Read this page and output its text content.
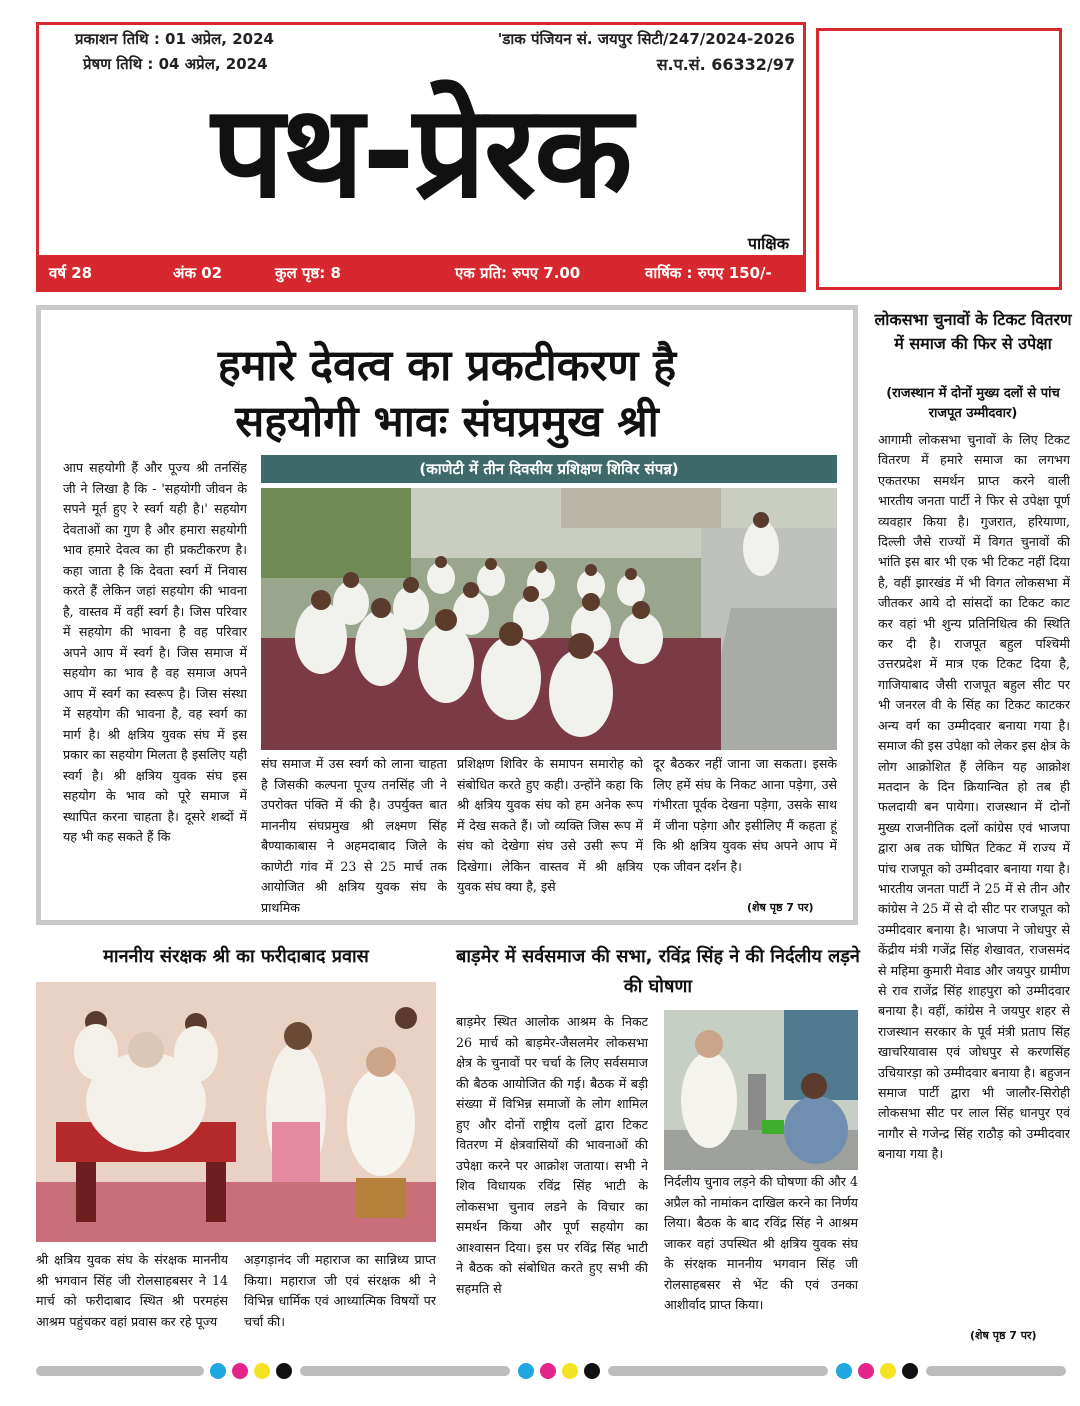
प्रकाशन तिथि : 01 अप्रेल, 2024
प्रेषण तिथि : 04 अप्रेल, 2024
'डाक पंजियन सं. जयपुर सिटी/247/2024-2026
स.प.सं. 66332/97
पथ-प्रेरक
पाक्षिक
वर्ष 28	अंक 02	कुल पृष्ठ: 8	एक प्रति: रुपए 7.00	वार्षिक : रुपए 150/-
हमारे देवत्व का प्रकटीकरण है
सहयोगी भावः संघप्रमुख श्री
आप सहयोगी हैं और पूज्य श्री तनसिंह जी ने लिखा है कि - 'सहयोगी जीवन के सपने मूर्त हुए रे स्वर्ग यही है।' सहयोग देवताओं का गुण है और हमारा सहयोगी भाव हमारे देवत्व का ही प्रकटीकरण है। कहा जाता है कि देवता स्वर्ग में निवास करते हैं लेकिन जहां सहयोग की भावना है, वास्तव में वहीं स्वर्ग है। जिस परिवार में सहयोग की भावना है वह परिवार अपने आप में स्वर्ग है। जिस समाज में सहयोग का भाव है वह समाज अपने आप में स्वर्ग का स्वरूप है। जिस संस्था में सहयोग की भावना है, वह स्वर्ग का मार्ग है। श्री क्षत्रिय युवक संघ में इस प्रकार का सहयोग मिलता है इसलिए यही स्वर्ग है। श्री क्षत्रिय युवक संघ इस सहयोग के भाव को पूरे समाज में स्थापित करना चाहता है। दूसरे शब्दों में यह भी कह सकते हैं कि
(काणेटी में तीन दिवसीय प्रशिक्षण शिविर संपन्न)
संघ समाज में उस स्वर्ग को लाना चाहता है जिसकी कल्पना पूज्य तनसिंह जी ने उपरोक्त पंक्ति में की है। उपर्युक्त बात माननीय संघप्रमुख श्री लक्ष्मण सिंह बैण्याकाबास ने अहमदाबाद जिले के काणेटी गांव में 23 से 25 मार्च तक आयोजित श्री क्षत्रिय युवक संघ के प्राथमिक
प्रशिक्षण शिविर के समापन समारोह को संबोधित करते हुए कही। उन्होंने कहा कि श्री क्षत्रिय युवक संघ को हम अनेक रूप में देख सकते हैं। जो व्यक्ति जिस रूप में संघ को देखेगा संघ उसे उसी रूप में दिखेगा। लेकिन वास्तव में श्री क्षत्रिय युवक संघ क्या है, इसे
दूर बैठकर नहीं जाना जा सकता। इसके लिए हमें संघ के निकट आना पड़ेगा, उसे गंभीरता पूर्वक देखना पड़ेगा, उसके साथ में जीना पड़ेगा और इसीलिए मैं कहता हूं कि श्री क्षत्रिय युवक संघ अपने आप में एक जीवन दर्शन है।
(शेष पृष्ठ 7 पर)
लोकसभा चुनावों के टिकट वितरण में समाज की फिर से उपेक्षा
(राजस्थान में दोनों मुख्य दलों से पांच राजपूत उम्मीदवार)
आगामी लोकसभा चुनावों के लिए टिकट वितरण में हमारे समाज का लगभग एकतरफा समर्थन प्राप्त करने वाली भारतीय जनता पार्टी ने फिर से उपेक्षा पूर्ण व्यवहार किया है। गुजरात, हरियाणा, दिल्ली जैसे राज्यों में विगत चुनावों की भांति इस बार भी एक भी टिकट नहीं दिया है, वहीं झारखंड में भी विगत लोकसभा में जीतकर आये दो सांसदों का टिकट काट कर वहां भी शुन्य प्रतिनिधित्व की स्थिति कर दी है। राजपूत बहुल पश्चिमी उत्तरप्रदेश में मात्र एक टिकट दिया है, गाजियाबाद जैसी राजपूत बहुल सीट पर भी जनरल वी के सिंह का टिकट काटकर अन्य वर्ग का उम्मीदवार बनाया गया है। समाज की इस उपेक्षा को लेकर इस क्षेत्र के लोग आक्रोशित हैं लेकिन यह आक्रोश मतदान के दिन क्रियान्वित हो तब ही फलदायी बन पायेगा। राजस्थान में दोनों मुख्य राजनीतिक दलों कांग्रेस एवं भाजपा द्वारा अब तक घोषित टिकट में राज्य में पांच राजपूत को उम्मीदवार बनाया गया है। भारतीय जनता पार्टी ने 25 में से तीन और कांग्रेस ने 25 में से दो सीट पर राजपूत को उम्मीदवार बनाया है। भाजपा ने जोधपुर से केंद्रीय मंत्री गजेंद्र सिंह शेखावत, राजसमंद से महिमा कुमारी मेवाड और जयपुर ग्रामीण से राव राजेंद्र सिंह शाहपुरा को उम्मीदवार बनाया है। वहीं, कांग्रेस ने जयपुर शहर से राजस्थान सरकार के पूर्व मंत्री प्रताप सिंह खाचरियावास एवं जोधपुर से करणसिंह उचियारड़ा को उम्मीदवार बनाया है। बहुजन समाज पार्टी द्वारा भी जालौर-सिरोही लोकसभा सीट पर लाल सिंह धानपुर एवं नागौर से गजेन्द्र सिंह राठौड़ को उम्मीदवार बनाया गया है।
(शेष पृष्ठ 7 पर)
माननीय संरक्षक श्री का फरीदाबाद प्रवास
श्री क्षत्रिय युवक संघ के संरक्षक माननीय श्री भगवान सिंह जी रोलसाहबसर ने 14 मार्च को फरीदाबाद स्थित श्री परमहंस आश्रम पहुंचकर वहां प्रवास कर रहे पूज्य
अड़गड़ानंद जी महाराज का सान्निध्य प्राप्त किया। महाराज जी एवं संरक्षक श्री ने विभिन्न धार्मिक एवं आध्यात्मिक विषयों पर चर्चा की।
बाड़मेर में सर्वसमाज की सभा, रविंद्र सिंह ने की निर्दलीय लड़ने की घोषणा
बाड़मेर स्थित आलोक आश्रम के निकट 26 मार्च को बाड़मेर-जैसलमेर लोकसभा क्षेत्र के चुनावों पर चर्चा के लिए सर्वसमाज की बैठक आयोजित की गई। बैठक में बड़ी संख्या में विभिन्न समाजों के लोग शामिल हुए और दोनों राष्ट्रीय दलों द्वारा टिकट वितरण में क्षेत्रवासियों की भावनाओं की उपेक्षा करने पर आक्रोश जताया। सभी ने शिव विधायक रविंद्र सिंह भाटी के लोकसभा चुनाव लडने के विचार का समर्थन किया और पूर्ण सहयोग का आश्वासन दिया। इस पर रविंद्र सिंह भाटी ने बैठक को संबोधित करते हुए सभी की सहमति से
निर्दलीय चुनाव लड़ने की घोषणा की और 4 अप्रैल को नामांकन दाखिल करने का निर्णय लिया। बैठक के बाद रविंद्र सिंह ने आश्रम जाकर वहां उपस्थित श्री क्षत्रिय युवक संघ के संरक्षक माननीय भगवान सिंह जी रोलसाहबसर से भेंट की एवं उनका आशीर्वाद प्राप्त किया।
